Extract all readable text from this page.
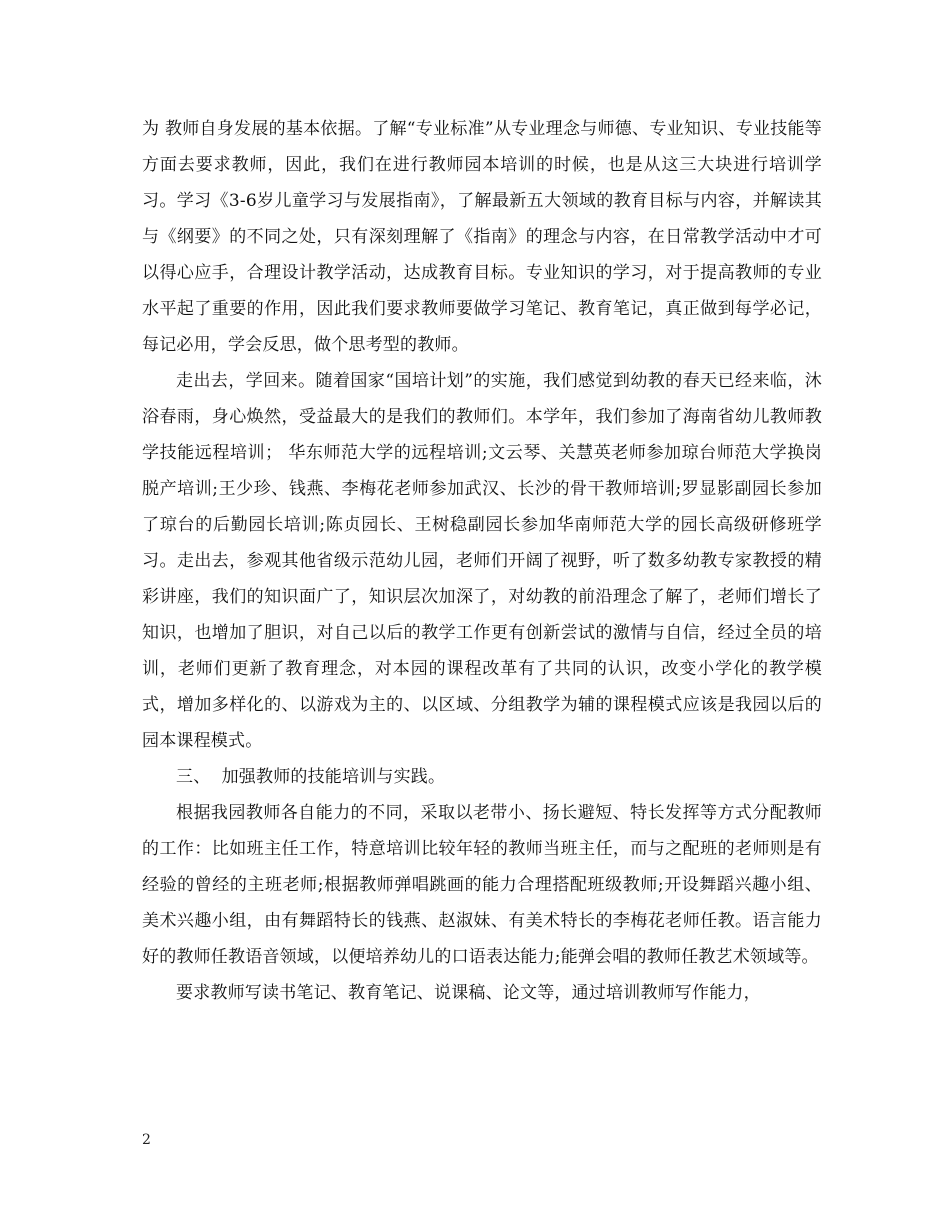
为 教师自身发展的基本依据。了解“专业标准”从专业理念与师德、专业知识、专业技能等方面去要求教师，因此，我们在进行教师园本培训的时候，也是从这三大块进行培训学习。学习《3-6岁儿童学习与发展指南》，了解最新五大领域的教育目标与内容，并解读其与《纲要》的不同之处，只有深刻理解了《指南》的理念与内容，在日常教学活动中才可以得心应手，合理设计教学活动，达成教育目标。专业知识的学习，对于提高教师的专业水平起了重要的作用，因此我们要求教师要做学习笔记、教育笔记，真正做到每学必记，每记必用，学会反思，做个思考型的教师。

走出去，学回来。随着国家“国培计划”的实施，我们感觉到幼教的春天已经来临，沐浴春雨，身心焕然，受益最大的是我们的教师们。本学年，我们参加了海南省幼儿教师教学技能远程培训； 华东师范大学的远程培训;文云琴、关慧英老师参加琼台师范大学换岗脱产培训;王少珍、钱燕、李梅花老师参加武汉、长沙的骨干教师培训;罗显影副园长参加了琼台的后勤园长培训;陈贞园长、王树稳副园长参加华南师范大学的园长高级研修班学习。走出去，参观其他省级示范幼儿园，老师们开阔了视野，听了数多幼教专家教授的精彩讲座，我们的知识面广了，知识层次加深了，对幼教的前沿理念了解了，老师们增长了知识，也增加了胆识，对自己以后的教学工作更有创新尝试的激情与自信，经过全员的培训，老师们更新了教育理念，对本园的课程改革有了共同的认识，改变小学化的教学模式，增加多样化的、以游戏为主的、以区域、分组教学为辅的课程模式应该是我园以后的园本课程模式。

三、  加强教师的技能培训与实践。

根据我园教师各自能力的不同，采取以老带小、扬长避短、特长发挥等方式分配教师的工作：比如班主任工作，特意培训比较年轻的教师当班主任，而与之配班的老师则是有经验的曾经的主班老师;根据教师弹唱跳画的能力合理搭配班级教师;开设舞蹈兴趣小组、美术兴趣小组，由有舞蹈特长的钱燕、赵淑妹、有美术特长的李梅花老师任教。语言能力好的教师任教语音领域，以便培养幼儿的口语表达能力;能弹会唱的教师任教艺术领域等。

要求教师写读书笔记、教育笔记、说课稿、论文等，通过培训教师写作能力，

2
